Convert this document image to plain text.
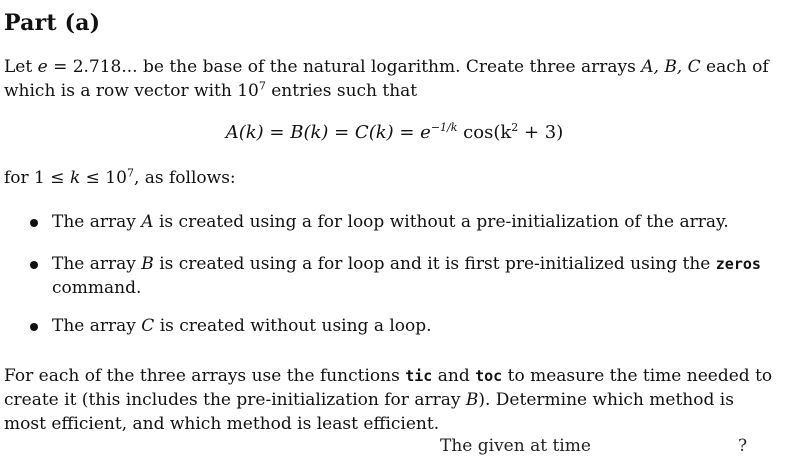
Part (a)
Let e = 2.718... be the base of the natural logarithm. Create three arrays A, B, C each of which is a row vector with $10^7$ entries such that
$A(k) = B(k) = C(k) = e^{-1/k}$ $\cos(k^2 + 3)$
for $1 \le k \le 10^7$, as follows:
The array A is created using a for loop without a pre-initialization of the array.
The array B is created using a for loop and it is first pre-initialized using the zeros
command.
The array C is created without using a loop.
For each of the three arrays use the functions tic and toc to measure the time needed to create it (this includes the pre-initialization for array B). Determine which method is most efficient, and which method is least efficient.
The given at time	?
